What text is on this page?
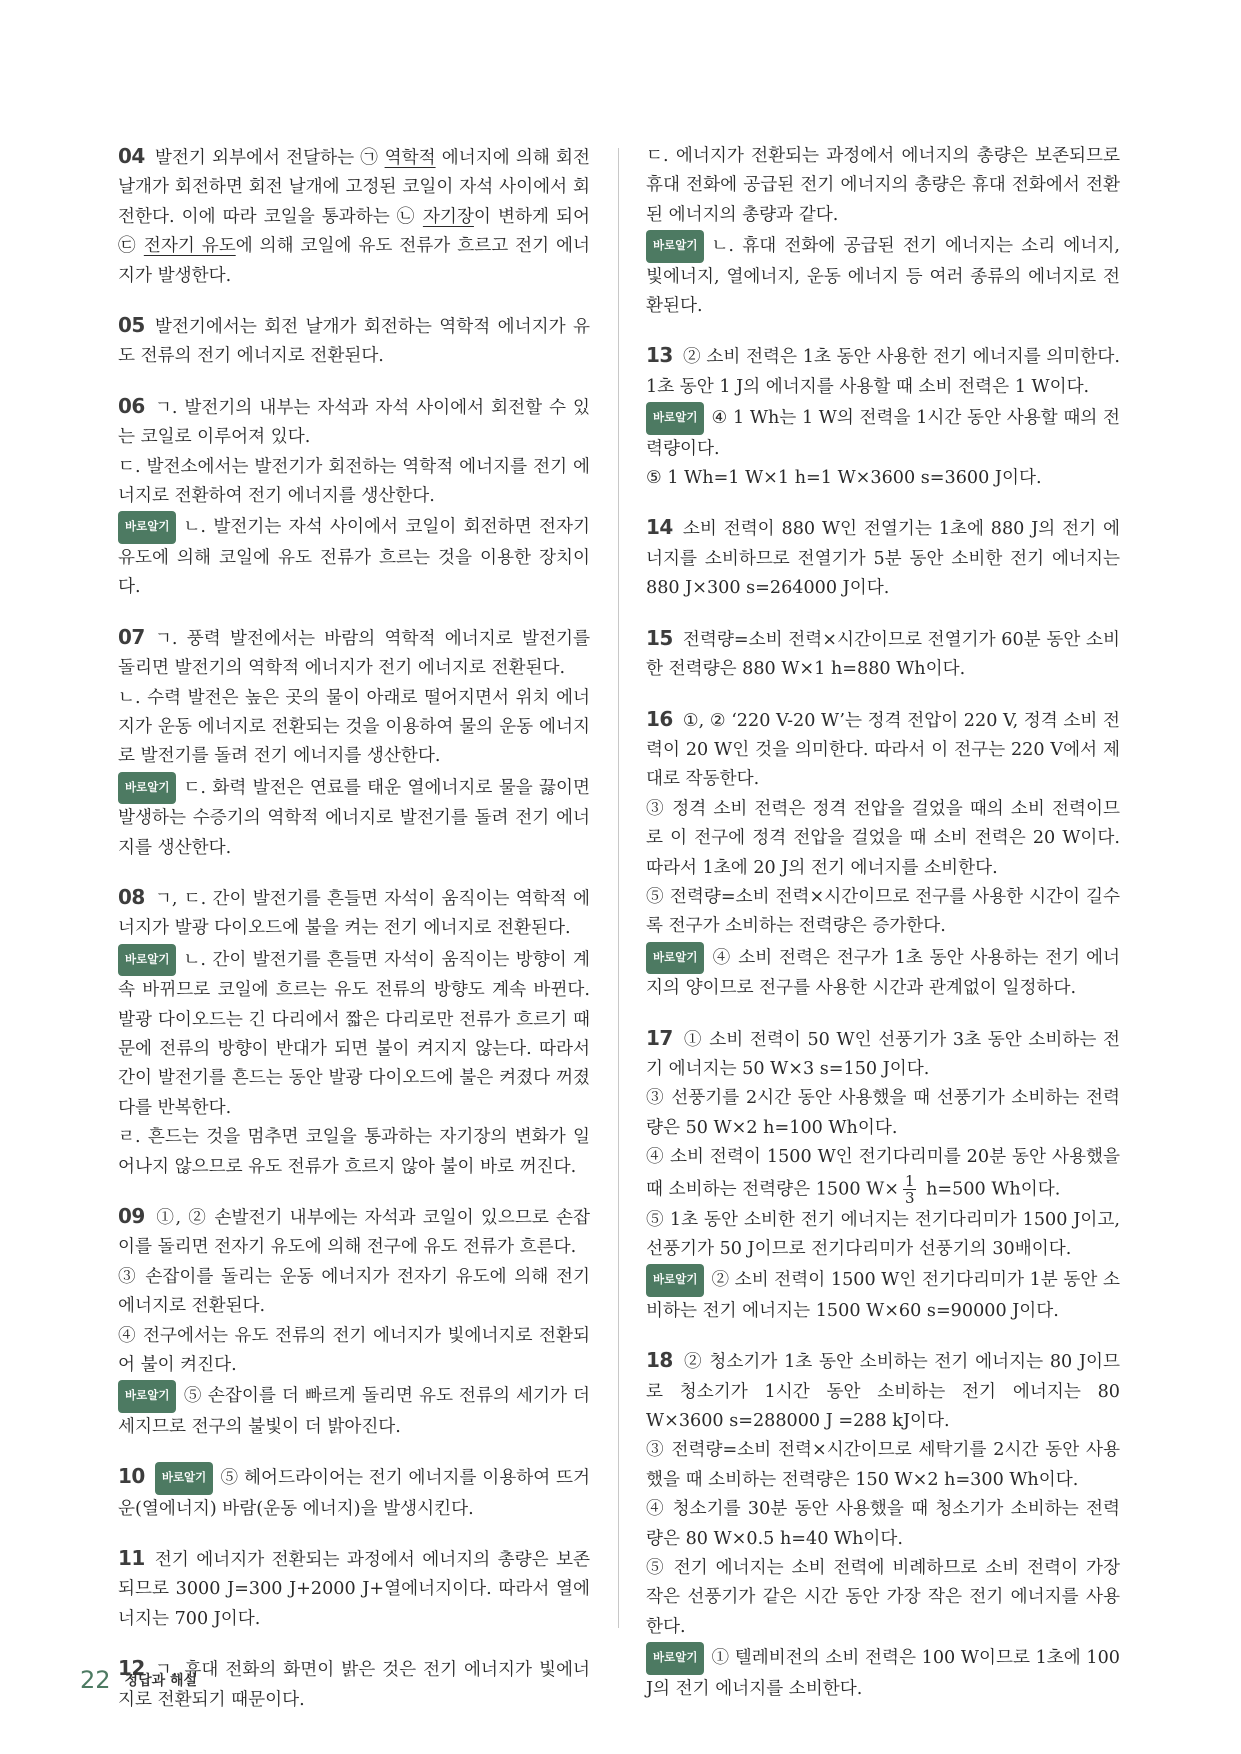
04 발전기 외부에서 전달하는 ㉠ 역학적 에너지에 의해 회전 날개가 회전하면 회전 날개에 고정된 코일이 자석 사이에서 회전한다. 이에 따라 코일을 통과하는 ㉡ 자기장이 변하게 되어 ㉢ 전자기 유도에 의해 코일에 유도 전류가 흐르고 전기 에너지가 발생한다.

05 발전기에서는 회전 날개가 회전하는 역학적 에너지가 유도 전류의 전기 에너지로 전환된다.

06 ㄱ. 발전기의 내부는 자석과 자석 사이에서 회전할 수 있는 코일로 이루어져 있다.

ㄷ. 발전소에서는 발전기가 회전하는 역학적 에너지를 전기 에너지로 전환하여 전기 에너지를 생산한다.

바로알기 ㄴ. 발전기는 자석 사이에서 코일이 회전하면 전자기 유도에 의해 코일에 유도 전류가 흐르는 것을 이용한 장치이다.

07 ㄱ. 풍력 발전에서는 바람의 역학적 에너지로 발전기를 돌리면 발전기의 역학적 에너지가 전기 에너지로 전환된다.

ㄴ. 수력 발전은 높은 곳의 물이 아래로 떨어지면서 위치 에너지가 운동 에너지로 전환되는 것을 이용하여 물의 운동 에너지로 발전기를 돌려 전기 에너지를 생산한다.

바로알기 ㄷ. 화력 발전은 연료를 태운 열에너지로 물을 끓이면 발생하는 수증기의 역학적 에너지로 발전기를 돌려 전기 에너지를 생산한다.

08 ㄱ, ㄷ. 간이 발전기를 흔들면 자석이 움직이는 역학적 에너지가 발광 다이오드에 불을 켜는 전기 에너지로 전환된다.

바로알기 ㄴ. 간이 발전기를 흔들면 자석이 움직이는 방향이 계속 바뀌므로 코일에 흐르는 유도 전류의 방향도 계속 바뀐다. 발광 다이오드는 긴 다리에서 짧은 다리로만 전류가 흐르기 때문에 전류의 방향이 반대가 되면 불이 켜지지 않는다. 따라서 간이 발전기를 흔드는 동안 발광 다이오드에 불은 켜졌다 꺼졌다를 반복한다.

ㄹ. 흔드는 것을 멈추면 코일을 통과하는 자기장의 변화가 일어나지 않으므로 유도 전류가 흐르지 않아 불이 바로 꺼진다.

09 ①, ② 손발전기 내부에는 자석과 코일이 있으므로 손잡이를 돌리면 전자기 유도에 의해 전구에 유도 전류가 흐른다.

③ 손잡이를 돌리는 운동 에너지가 전자기 유도에 의해 전기 에너지로 전환된다.

④ 전구에서는 유도 전류의 전기 에너지가 빛에너지로 전환되어 불이 켜진다.

바로알기 ⑤ 손잡이를 더 빠르게 돌리면 유도 전류의 세기가 더 세지므로 전구의 불빛이 더 밝아진다.

10 바로알기 ⑤ 헤어드라이어는 전기 에너지를 이용하여 뜨거운(열에너지) 바람(운동 에너지)을 발생시킨다.

11 전기 에너지가 전환되는 과정에서 에너지의 총량은 보존되므로 3000 J=300 J+2000 J+열에너지이다. 따라서 열에너지는 700 J이다.

12 ㄱ. 휴대 전화의 화면이 밝은 것은 전기 에너지가 빛에너지로 전환되기 때문이다.

ㄷ. 에너지가 전환되는 과정에서 에너지의 총량은 보존되므로 휴대 전화에 공급된 전기 에너지의 총량은 휴대 전화에서 전환된 에너지의 총량과 같다.

바로알기 ㄴ. 휴대 전화에 공급된 전기 에너지는 소리 에너지, 빛에너지, 열에너지, 운동 에너지 등 여러 종류의 에너지로 전환된다.

13 ② 소비 전력은 1초 동안 사용한 전기 에너지를 의미한다. 1초 동안 1 J의 에너지를 사용할 때 소비 전력은 1 W이다.

바로알기 ④ 1 Wh는 1 W의 전력을 1시간 동안 사용할 때의 전력량이다.

⑤ 1 Wh=1 W×1 h=1 W×3600 s=3600 J이다.

14 소비 전력이 880 W인 전열기는 1초에 880 J의 전기 에너지를 소비하므로 전열기가 5분 동안 소비한 전기 에너지는 880 J×300 s=264000 J이다.

15 전력량=소비 전력×시간이므로 전열기가 60분 동안 소비한 전력량은 880 W×1 h=880 Wh이다.

16 ①, ② ‘220 V-20 W’는 정격 전압이 220 V, 정격 소비 전력이 20 W인 것을 의미한다. 따라서 이 전구는 220 V에서 제대로 작동한다.

③ 정격 소비 전력은 정격 전압을 걸었을 때의 소비 전력이므로 이 전구에 정격 전압을 걸었을 때 소비 전력은 20 W이다. 따라서 1초에 20 J의 전기 에너지를 소비한다.

⑤ 전력량=소비 전력×시간이므로 전구를 사용한 시간이 길수록 전구가 소비하는 전력량은 증가한다.

바로알기 ④ 소비 전력은 전구가 1초 동안 사용하는 전기 에너지의 양이므로 전구를 사용한 시간과 관계없이 일정하다.

17 ① 소비 전력이 50 W인 선풍기가 3초 동안 소비하는 전기 에너지는 50 W×3 s=150 J이다.

③ 선풍기를 2시간 동안 사용했을 때 선풍기가 소비하는 전력량은 50 W×2 h=100 Wh이다.

④ 소비 전력이 1500 W인 전기다리미를 20분 동안 사용했을 때 소비하는 전력량은 1500 $W\times \frac{1}{3} h=500$ Wh이다.

⑤ 1초 동안 소비한 전기 에너지는 전기다리미가 1500 J이고, 선풍기가 50 J이므로 전기다리미가 선풍기의 30배이다.

바로알기 ② 소비 전력이 1500 W인 전기다리미가 1분 동안 소비하는 전기 에너지는 1500 W×60 s=90000 J이다.

18 ② 청소기가 1초 동안 소비하는 전기 에너지는 80 J이므로 청소기가 1시간 동안 소비하는 전기 에너지는 80 W×3600 s=288000 J =288 kJ이다.

③ 전력량=소비 전력×시간이므로 세탁기를 2시간 동안 사용했을 때 소비하는 전력량은 150 W×2 h=300 Wh이다.

④ 청소기를 30분 동안 사용했을 때 청소기가 소비하는 전력량은 80 W×0.5 h=40 Wh이다.

⑤ 전기 에너지는 소비 전력에 비례하므로 소비 전력이 가장 작은 선풍기가 같은 시간 동안 가장 작은 전기 에너지를 사용한다.

바로알기 ① 텔레비전의 소비 전력은 100 W이므로 1초에 100 J의 전기 에너지를 소비한다.

22 정답과 해설
